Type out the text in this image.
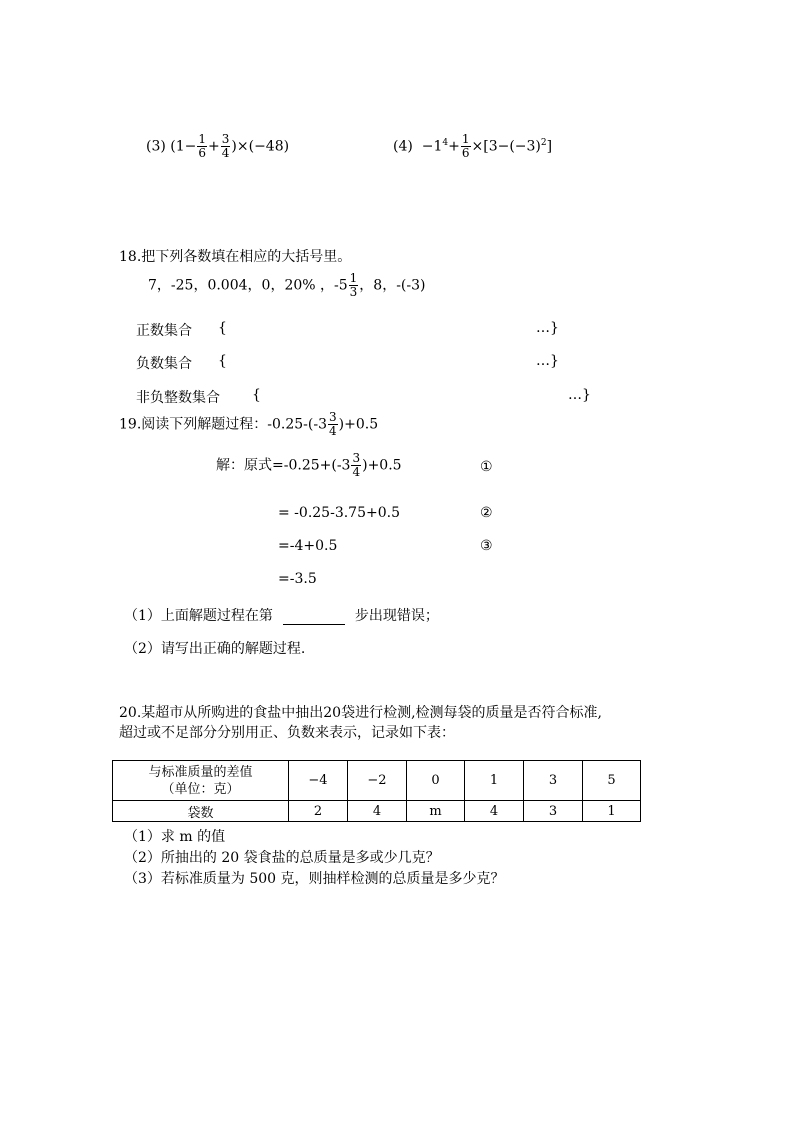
(3) $(1- \frac{1}{6} + \frac{3}{4} )\times(-48)$	$(4) -1^4+ \frac{1}{6} \times[3-(-3)^2]$
18.把下列各数填在相应的大括号里。
7，-25，0.004，0，20% ，$-5 \frac{1}{3}$ ，8，-(-3)
正数集合 {	…}
负数集合 {	…}
非负整数集合 {	…}
19.阅读下列解题过程：$-0.25-(-3 \frac{3}{4} )+0.5$
解：原式$=-0.25+(-3 \frac{3}{4} )+0.5$	①
= -0.25-3.75+0.5	②
=-4+0.5	③
=-3.5
（1）上面解题过程在第	步出现错误；
（2）请写出正确的解题过程.
20.某超市从所购进的食盐中抽出20袋进行检测,检测每袋的质量是否符合标准,
超过或不足部分分别用正、负数来表示，记录如下表：
与标准质量的差值
（单位：克）	−4	−2	0	1	3	5
袋数	2	4	m	4	3	1
（1）求 m 的值
（2）所抽出的 20 袋食盐的总质量是多或少几克？
（3）若标准质量为 500 克，则抽样检测的总质量是多少克？
